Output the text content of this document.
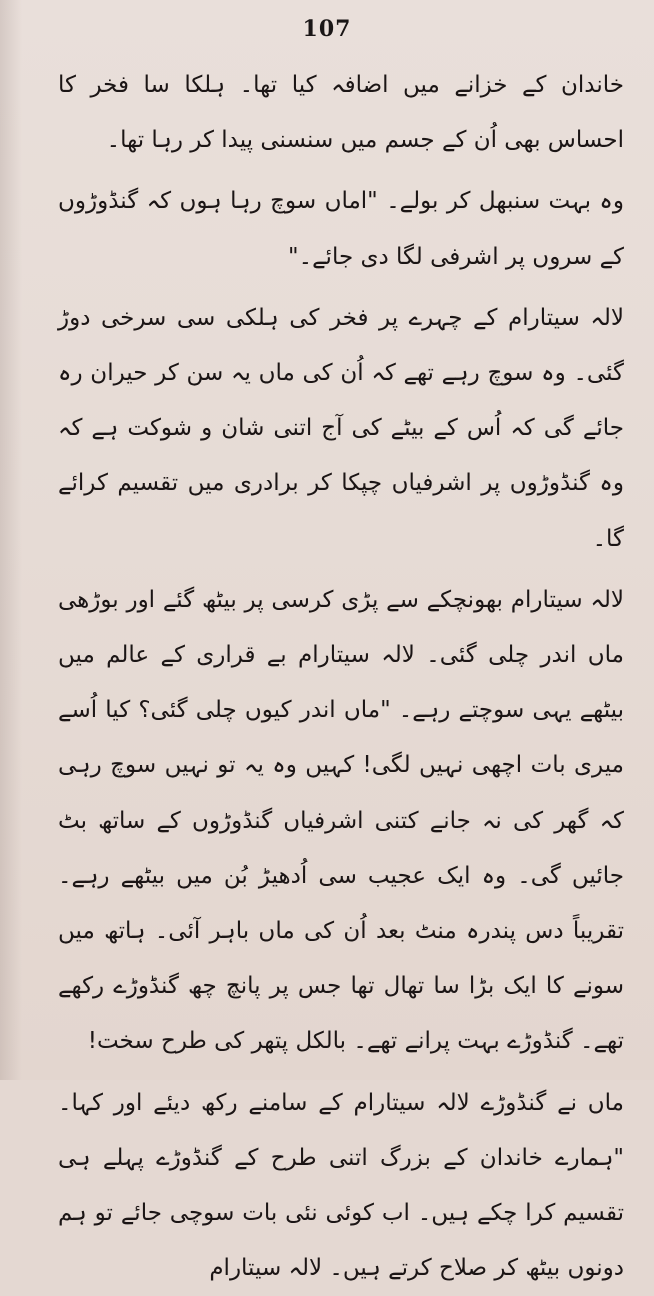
107

خاندان کے خزانے میں اضافہ کیا تھا۔ ہلکا سا فخر کا احساس بھی اُن کے جسم میں سنسنی پیدا کر رہا تھا۔

وہ بہت سنبھل کر بولے۔ "اماں سوچ رہا ہوں کہ گنڈوڑوں کے سروں پر اشرفی لگا دی جائے۔"

لالہ سیتارام کے چہرے پر فخر کی ہلکی سی سرخی دوڑ گئی۔ وہ سوچ رہے تھے کہ اُن کی ماں یہ سن کر حیران رہ جائے گی کہ اُس کے بیٹے کی آج اتنی شان و شوکت ہے کہ وہ گنڈوڑوں پر اشرفیاں چپکا کر برادری میں تقسیم کرائے گا۔

لالہ سیتارام بھونچکے سے پڑی کرسی پر بیٹھ گئے اور بوڑھی ماں اندر چلی گئی۔ لالہ سیتارام بے قراری کے عالم میں بیٹھے یہی سوچتے رہے۔ "ماں اندر کیوں چلی گئی؟ کیا اُسے میری بات اچھی نہیں لگی! کہیں وہ یہ تو نہیں سوچ رہی کہ گھر کی نہ جانے کتنی اشرفیاں گنڈوڑوں کے ساتھ بٹ جائیں گی۔ وہ ایک عجیب سی اُدھیڑ بُن میں بیٹھے رہے۔ تقریباً دس پندرہ منٹ بعد اُن کی ماں باہر آئی۔ ہاتھ میں سونے کا ایک بڑا سا تھال تھا جس پر پانچ چھ گنڈوڑے رکھے تھے۔ گنڈوڑے بہت پرانے تھے۔ بالکل پتھر کی طرح سخت!

ماں نے گنڈوڑے لالہ سیتارام کے سامنے رکھ دیئے اور کہا۔ "ہمارے خاندان کے بزرگ اتنی طرح کے گنڈوڑے پہلے ہی تقسیم کرا چکے ہیں۔ اب کوئی نئی بات سوچی جائے تو ہم دونوں بیٹھ کر صلاح کرتے ہیں۔ لالہ سیتارام
